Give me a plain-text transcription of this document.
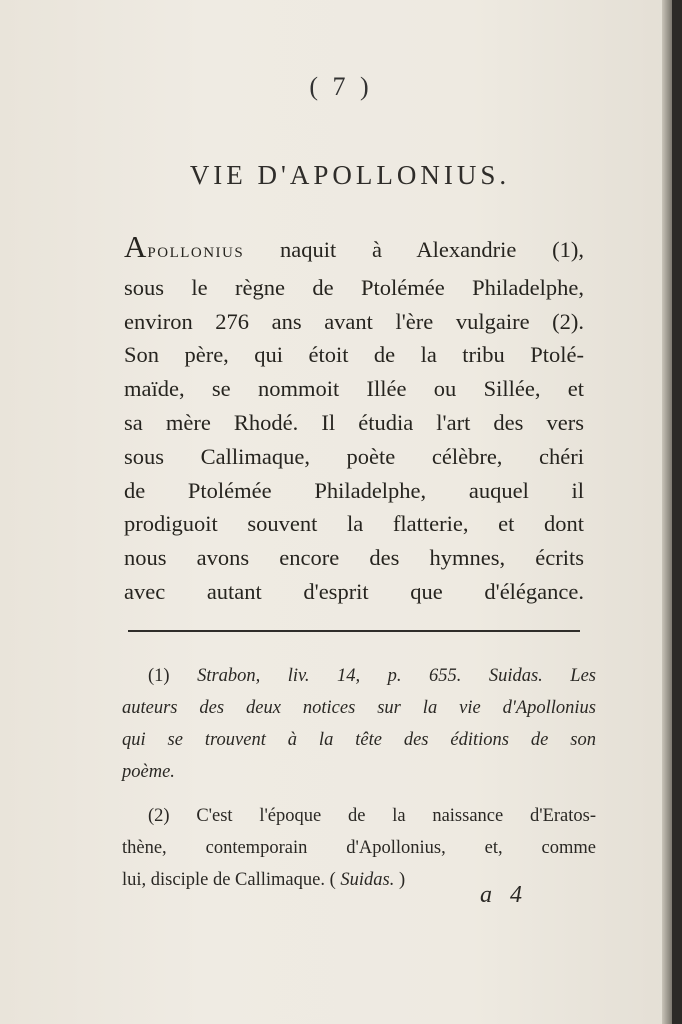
( 7 )
VIE D'APOLLONIUS.
APOLLONIUS naquit à Alexandrie (1),
sous le règne de Ptolémée Philadelphe,
environ 276 ans avant l'ère vulgaire (2).
Son père, qui étoit de la tribu Ptolé-
maïde, se nommoit Illée ou Sillée, et
sa mère Rhodé. Il étudia l'art des vers
sous Callimaque, poète célèbre, chéri
de Ptolémée Philadelphe, auquel il
prodiguoit souvent la flatterie, et dont
nous avons encore des hymnes, écrits
avec autant d'esprit que d'élégance.
(1) Strabon, liv. 14, p. 655. Suidas. Les
auteurs des deux notices sur la vie d'Apollonius
qui se trouvent à la tête des éditions de son
poème.
(2) C'est l'époque de la naissance d'Eratos-
thène, contemporain d'Apollonius, et, comme
lui, disciple de Callimaque. ( Suidas. )
a 4
